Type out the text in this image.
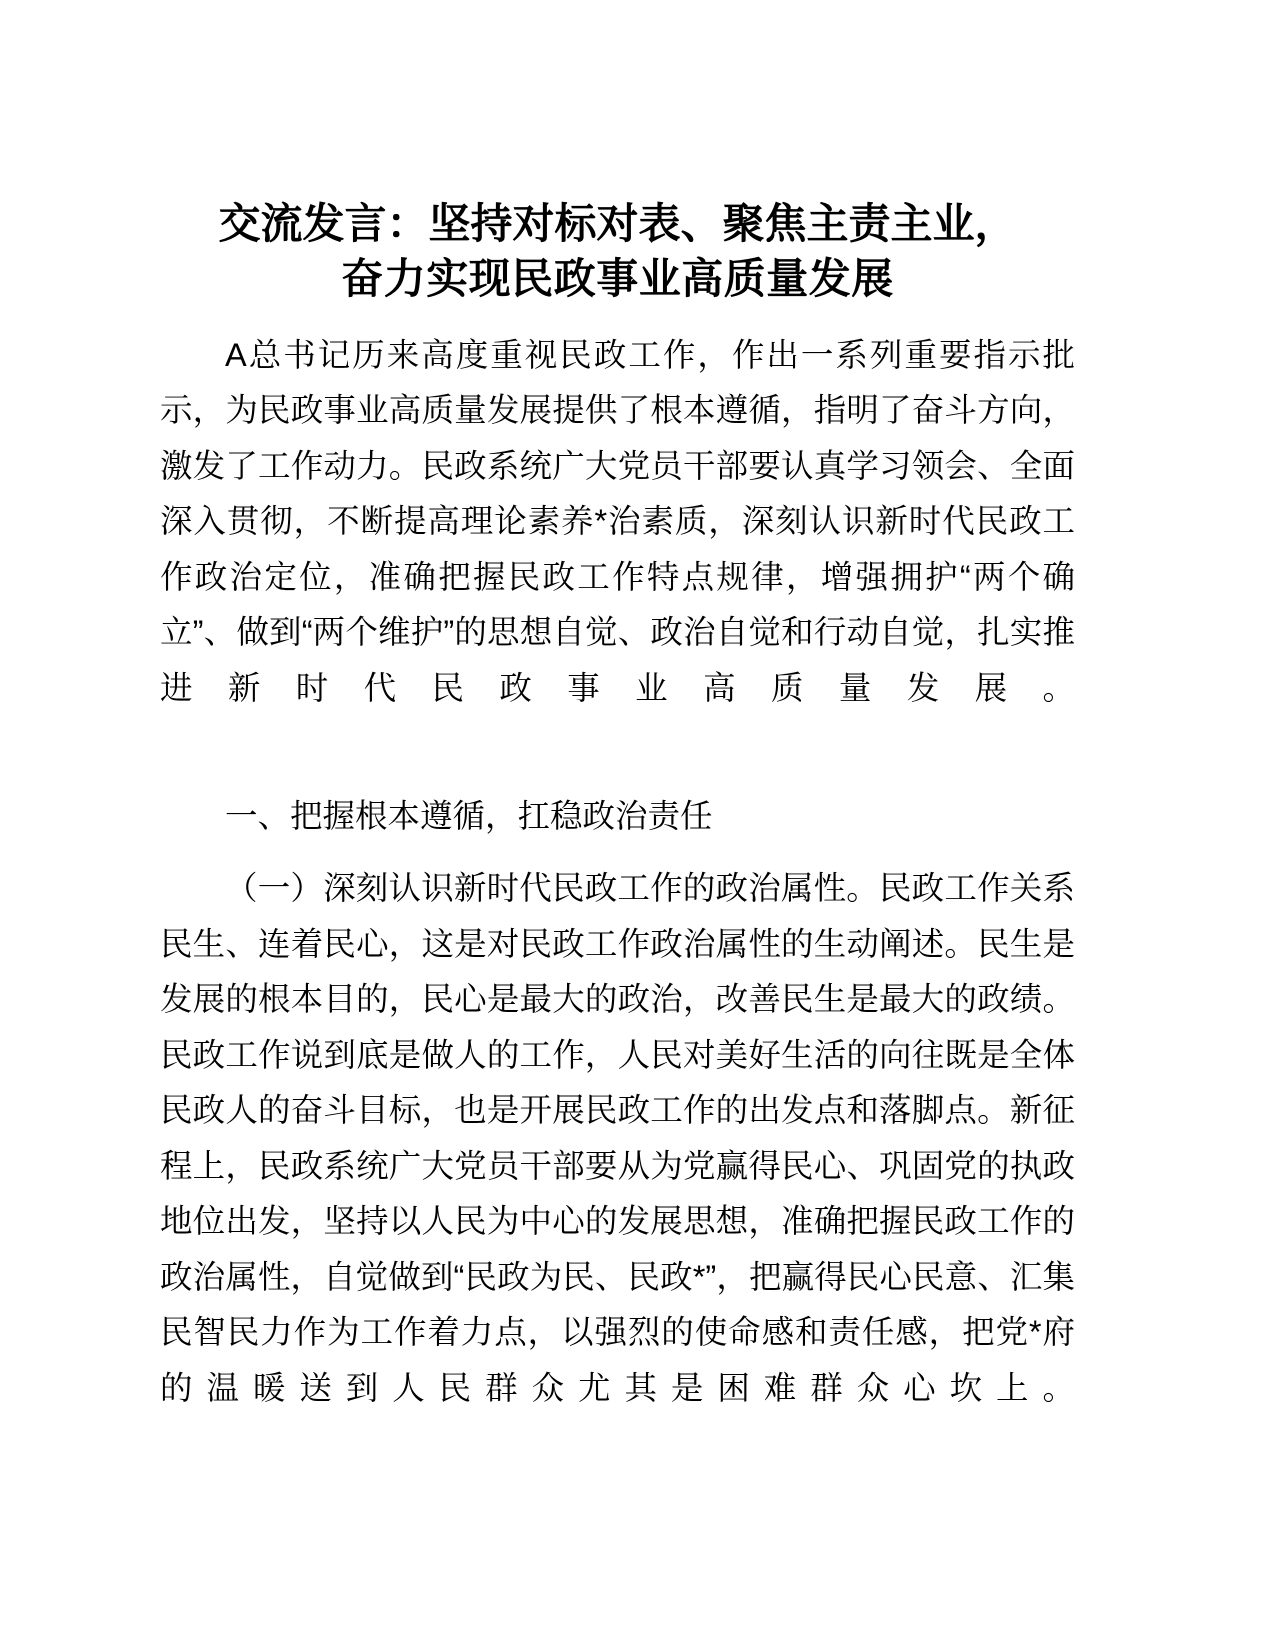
交流发言：坚持对标对表、聚焦主责主业，
奋力实现民政事业高质量发展

A总书记历来高度重视民政工作，作出一系列重要指示批示，为民政事业高质量发展提供了根本遵循，指明了奋斗方向，激发了工作动力。民政系统广大党员干部要认真学习领会、全面深入贯彻，不断提高理论素养*治素质，深刻认识新时代民政工作政治定位，准确把握民政工作特点规律，增强拥护“两个确立”、做到“两个维护”的思想自觉、政治自觉和行动自觉，扎实推进新时代民政事业高质量发展。

一、把握根本遵循，扛稳政治责任

（一）深刻认识新时代民政工作的政治属性。民政工作关系民生、连着民心，这是对民政工作政治属性的生动阐述。民生是发展的根本目的，民心是最大的政治，改善民生是最大的政绩。民政工作说到底是做人的工作，人民对美好生活的向往既是全体民政人的奋斗目标，也是开展民政工作的出发点和落脚点。新征程上，民政系统广大党员干部要从为党赢得民心、巩固党的执政地位出发，坚持以人民为中心的发展思想，准确把握民政工作的政治属性，自觉做到“民政为民、民政*”，把赢得民心民意、汇集民智民力作为工作着力点，以强烈的使命感和责任感，把党*府的温暖送到人民群众尤其是困难群众心坎上。
